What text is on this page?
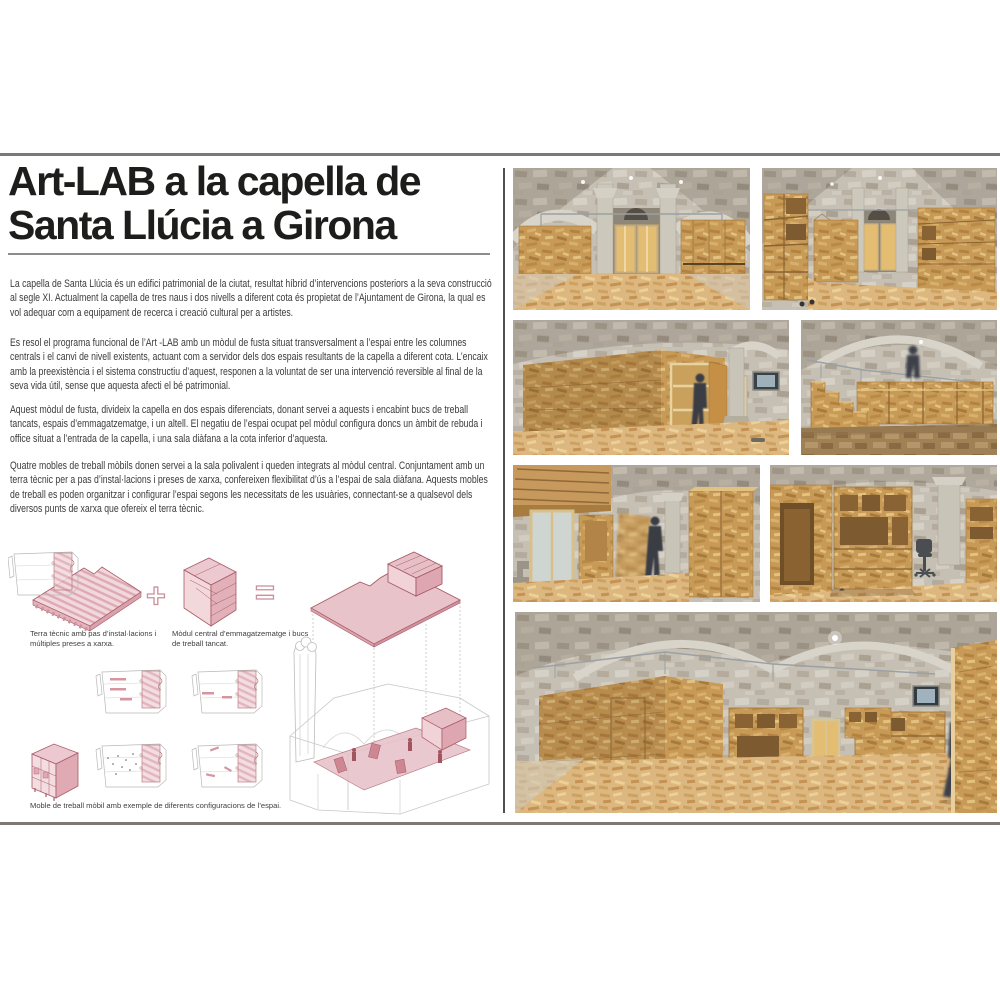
Art-LAB a la capella de
Santa Llúcia a Girona

La capella de Santa Llúcia és un edifici patrimonial de la ciutat, resultat híbrid d’intervencions posteriors a la seva construcció al segle XI. Actualment la capella de tres naus i dos nivells a diferent cota és propietat de l’Ajuntament de Girona, la qual es vol adequar com a equipament de recerca i creació cultural per a artistes.

Es resol el programa funcional de l’Art -LAB amb un mòdul de fusta situat transversalment a l’espai entre les columnes centrals i el canvi de nivell existents, actuant com a servidor dels dos espais resultants de la capella a diferent cota. L’encaix amb la preexistència i el sistema constructiu d’aquest, responen a la voluntat de ser una intervenció reversible al final de la seva vida útil, sense que aquesta afecti el bé patrimonial.

Aquest mòdul de fusta, divideix la capella en dos espais diferenciats, donant servei a aquests i encabint bucs de treball tancats, espais d’emmagatzematge, i un altell. El negatiu de l’espai ocupat pel mòdul configura doncs un àmbit de rebuda i office situat a l’entrada de la capella, i una sala diàfana a la cota inferior d’aquesta.

Quatre mobles de treball mòbils donen servei a la sala polivalent i queden integrats al mòdul central. Conjuntament amb un terra tècnic per a pas d’instal·lacions i preses de xarxa, confereixen flexibilitat d’ús a l’espai de sala diàfana. Aquests mobles de treball es poden organitzar i configurar l’espai segons les necessitats de les usuàries, connectant-se a qualsevol dels diversos punts de xarxa que ofereix el terra tècnic.

+	=
Terra tècnic amb pas d’instal·lacions i múltiples preses a xarxa.
Mòdul central d’emmagatzematge i bucs de treball tancat.
Moble de treball mòbil amb exemple de diferents configuracions de l’espai.
